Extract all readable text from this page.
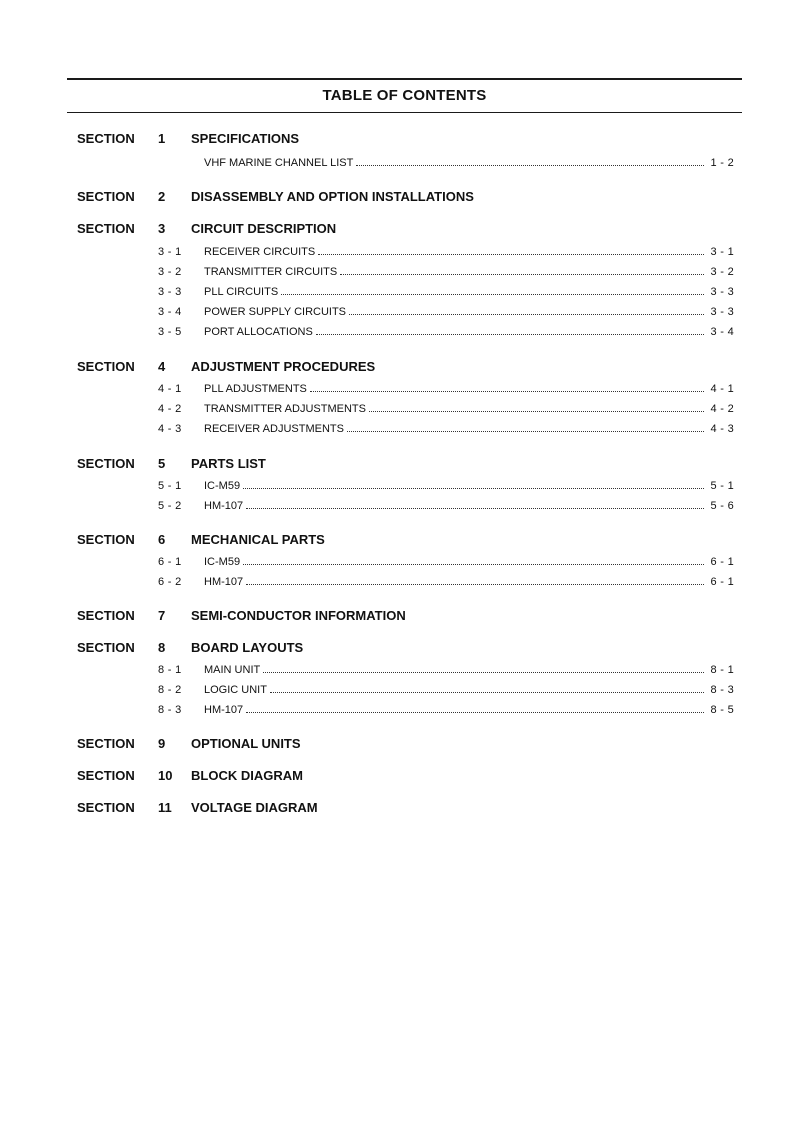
TABLE OF CONTENTS
SECTION 1 SPECIFICATIONS
VHF MARINE CHANNEL LIST	1 - 2
SECTION 2 DISASSEMBLY AND OPTION INSTALLATIONS
SECTION 3 CIRCUIT DESCRIPTION
3 - 1 RECEIVER CIRCUITS	3 - 1
3 - 2 TRANSMITTER CIRCUITS	3 - 2
3 - 3 PLL CIRCUITS	3 - 3
3 - 4 POWER SUPPLY CIRCUITS	3 - 3
3 - 5 PORT ALLOCATIONS	3 - 4
SECTION 4 ADJUSTMENT PROCEDURES
4 - 1 PLL ADJUSTMENTS	4 - 1
4 - 2 TRANSMITTER ADJUSTMENTS	4 - 2
4 - 3 RECEIVER ADJUSTMENTS	4 - 3
SECTION 5 PARTS LIST
5 - 1 IC-M59	5 - 1
5 - 2 HM-107	5 - 6
SECTION 6 MECHANICAL PARTS
6 - 1 IC-M59	6 - 1
6 - 2 HM-107	6 - 1
SECTION 7 SEMI-CONDUCTOR INFORMATION
SECTION 8 BOARD LAYOUTS
8 - 1 MAIN UNIT	8 - 1
8 - 2 LOGIC UNIT	8 - 3
8 - 3 HM-107	8 - 5
SECTION 9 OPTIONAL UNITS
SECTION 10 BLOCK DIAGRAM
SECTION 11 VOLTAGE DIAGRAM
